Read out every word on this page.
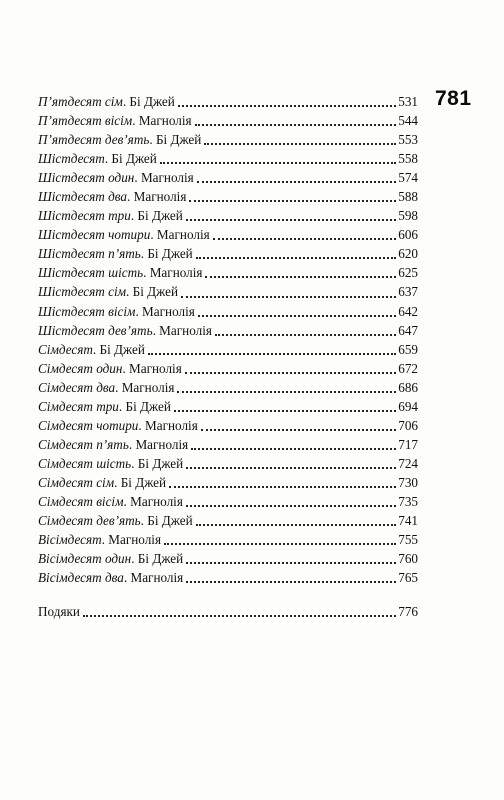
781
П’ятдесят сім. Бі Джей	531
П’ятдесят вісім. Магнолія	544
П’ятдесят дев’ять. Бі Джей	553
Шістдесят. Бі Джей	558
Шістдесят один. Магнолія	574
Шістдесят два. Магнолія	588
Шістдесят три. Бі Джей	598
Шістдесят чотири. Магнолія	606
Шістдесят п’ять. Бі Джей	620
Шістдесят шість. Магнолія	625
Шістдесят сім. Бі Джей	637
Шістдесят вісім. Магнолія	642
Шістдесят дев’ять. Магнолія	647
Сімдесят. Бі Джей	659
Сімдесят один. Магнолія	672
Сімдесят два. Магнолія	686
Сімдесят три. Бі Джей	694
Сімдесят чотири. Магнолія	706
Сімдесят п’ять. Магнолія	717
Сімдесят шість. Бі Джей	724
Сімдесят сім. Бі Джей	730
Сімдесят вісім. Магнолія	735
Сімдесят дев’ять. Бі Джей	741
Вісімдесят. Магнолія	755
Вісімдесят один. Бі Джей	760
Вісімдесят два. Магнолія	765
Подяки	776
